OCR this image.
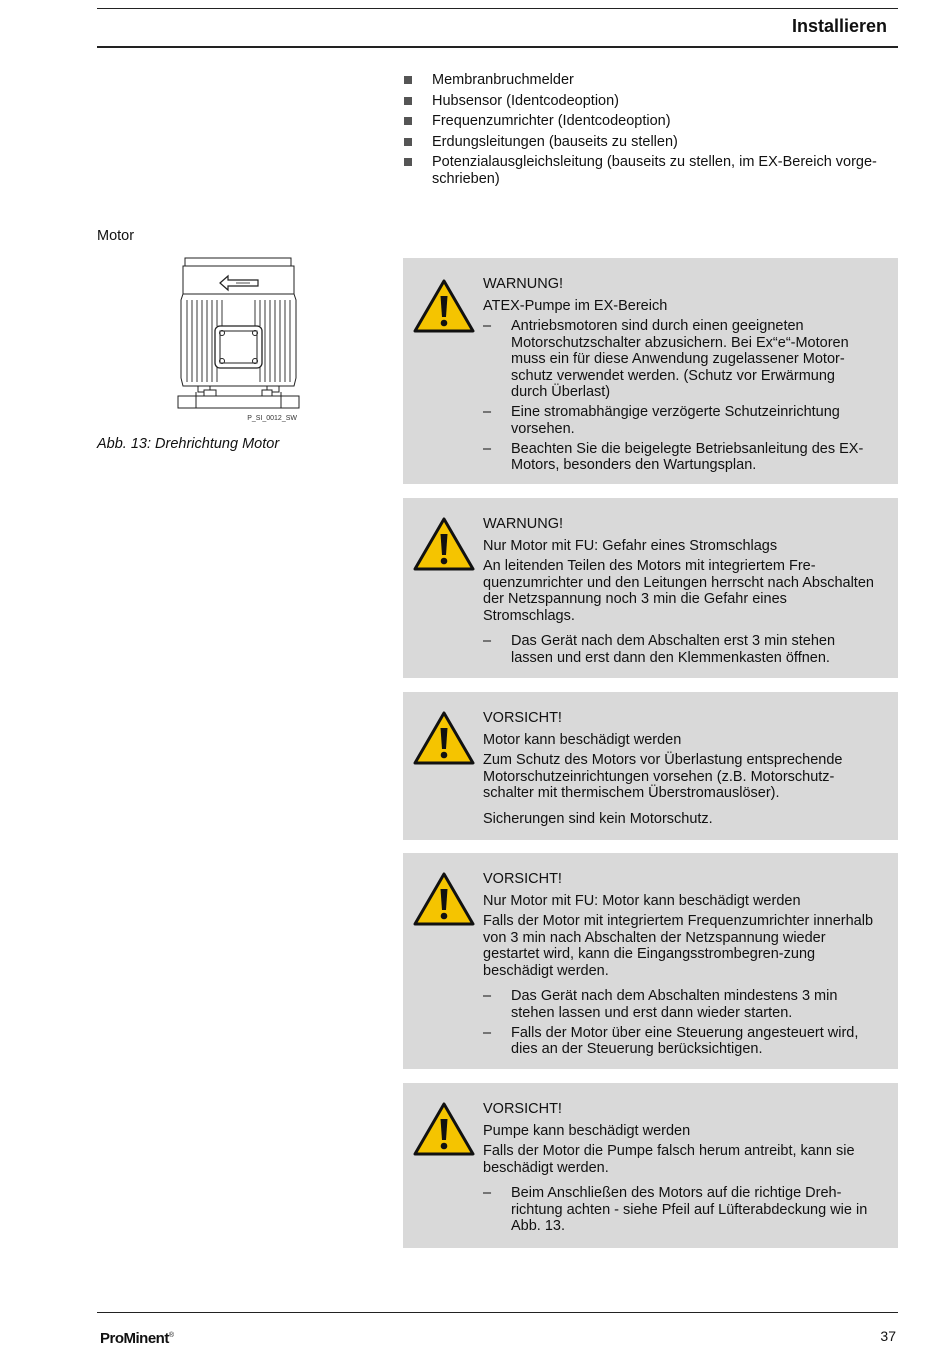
Installieren
Membranbruchmelder
Hubsensor (Identcodeoption)
Frequenzumrichter (Identcodeoption)
Erdungsleitungen (bauseits zu stellen)
Potenzialausgleichsleitung (bauseits zu stellen, im EX-Bereich vorge-schrieben)
Motor
P_SI_0012_SW
Abb. 13: Drehrichtung Motor
WARNUNG!
ATEX-Pumpe im EX-Bereich
– Antriebsmotoren sind durch einen geeigneten Motorschutzschalter abzusichern. Bei Ex“e“-Motoren muss ein für diese Anwendung zugelassener Motor-schutz verwendet werden. (Schutz vor Erwärmung durch Überlast)
– Eine stromabhängige verzögerte Schutzeinrichtung vorsehen.
– Beachten Sie die beigelegte Betriebsanleitung des EX-Motors, besonders den Wartungsplan.
WARNUNG!
Nur Motor mit FU: Gefahr eines Stromschlags

An leitenden Teilen des Motors mit integriertem Fre-quenzumrichter und den Leitungen herrscht nach Abschalten der Netzspannung noch 3 min die Gefahr eines Stromschlags.

– Das Gerät nach dem Abschalten erst 3 min stehen lassen und erst dann den Klemmenkasten öffnen.
VORSICHT!
Motor kann beschädigt werden

Zum Schutz des Motors vor Überlastung entsprechende Motorschutzeinrichtungen vorsehen (z.B. Motorschutz-schalter mit thermischem Überstromauslöser).

Sicherungen sind kein Motorschutz.

VORSICHT!
Nur Motor mit FU: Motor kann beschädigt werden

Falls der Motor mit integriertem Frequenzumrichter innerhalb von 3 min nach Abschalten der Netzspannung wieder gestartet wird, kann die Eingangsstrombegren-zung beschädigt werden.

– Das Gerät nach dem Abschalten mindestens 3 min stehen lassen und erst dann wieder starten.
– Falls der Motor über eine Steuerung angesteuert wird, dies an der Steuerung berücksichtigen.
VORSICHT!
Pumpe kann beschädigt werden

Falls der Motor die Pumpe falsch herum antreibt, kann sie beschädigt werden.

– Beim Anschließen des Motors auf die richtige Dreh-richtung achten - siehe Pfeil auf Lüfterabdeckung wie in Abb. 13.
ProMinent®	37
